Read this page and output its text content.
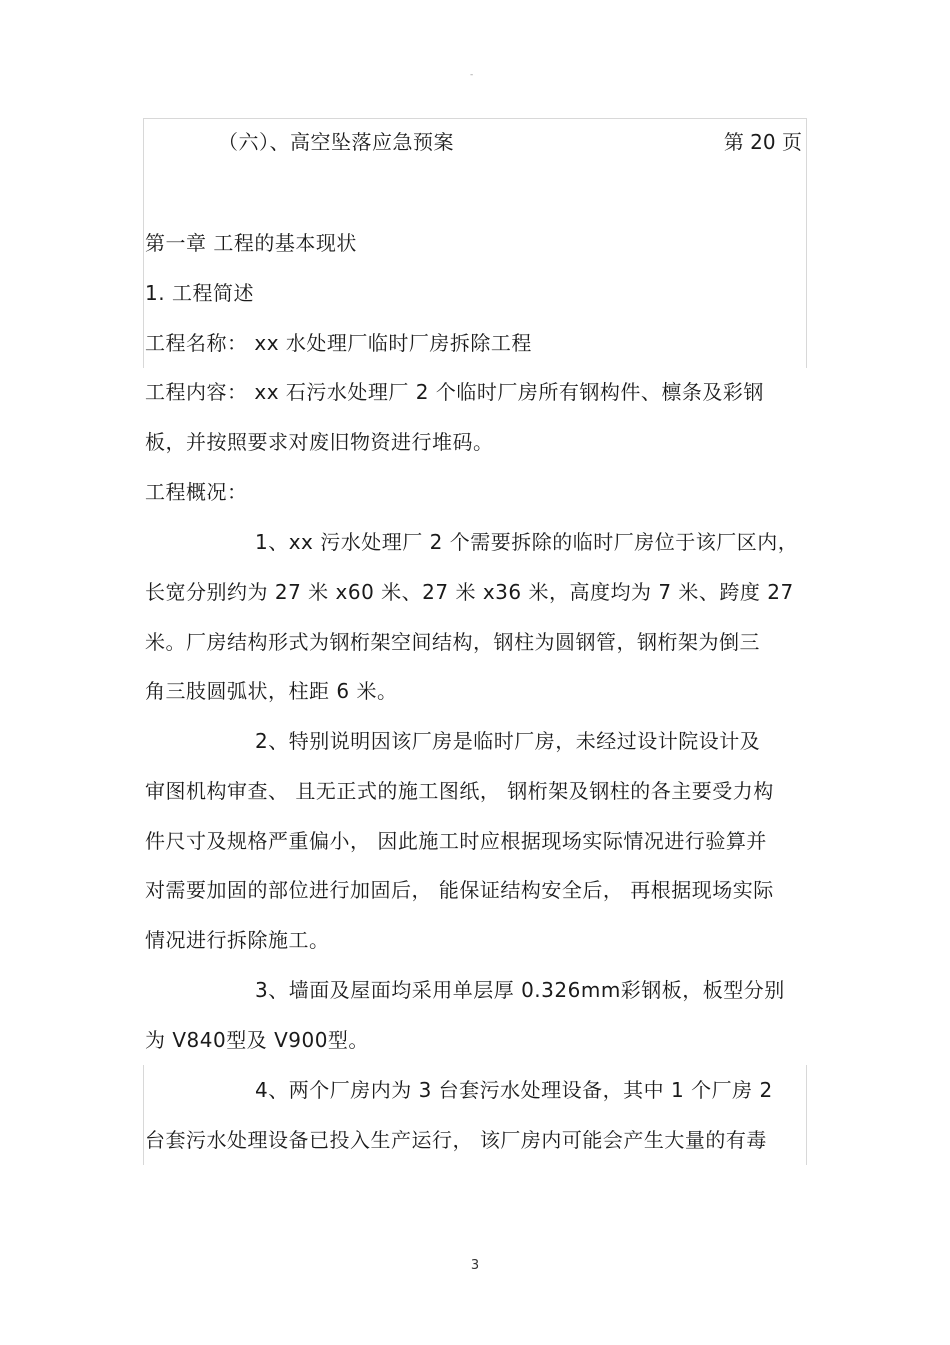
-
（六）、高空坠落应急预案	第 20 页
第一章 工程的基本现状
1. 工程简述
工程名称： xx 水处理厂临时厂房拆除工程
工程内容： xx 石污水处理厂 2 个临时厂房所有钢构件、檩条及彩钢
板，并按照要求对废旧物资进行堆码。
工程概况：
1、xx 污水处理厂 2 个需要拆除的临时厂房位于该厂区内，
长宽分别约为 27 米 x60 米、27 米 x36 米，高度均为 7 米、跨度 27
米。厂房结构形式为钢桁架空间结构，钢柱为圆钢管，钢桁架为倒三
角三肢圆弧状，柱距 6 米。
2、特别说明因该厂房是临时厂房，未经过设计院设计及
审图机构审查、 且无正式的施工图纸， 钢桁架及钢柱的各主要受力构
件尺寸及规格严重偏小， 因此施工时应根据现场实际情况进行验算并
对需要加固的部位进行加固后， 能保证结构安全后， 再根据现场实际
情况进行拆除施工。
3、墙面及屋面均采用单层厚 0.326mm彩钢板，板型分别
为 V840型及 V900型。
4、两个厂房内为 3 台套污水处理设备，其中 1 个厂房 2
台套污水处理设备已投入生产运行， 该厂房内可能会产生大量的有毒
3
